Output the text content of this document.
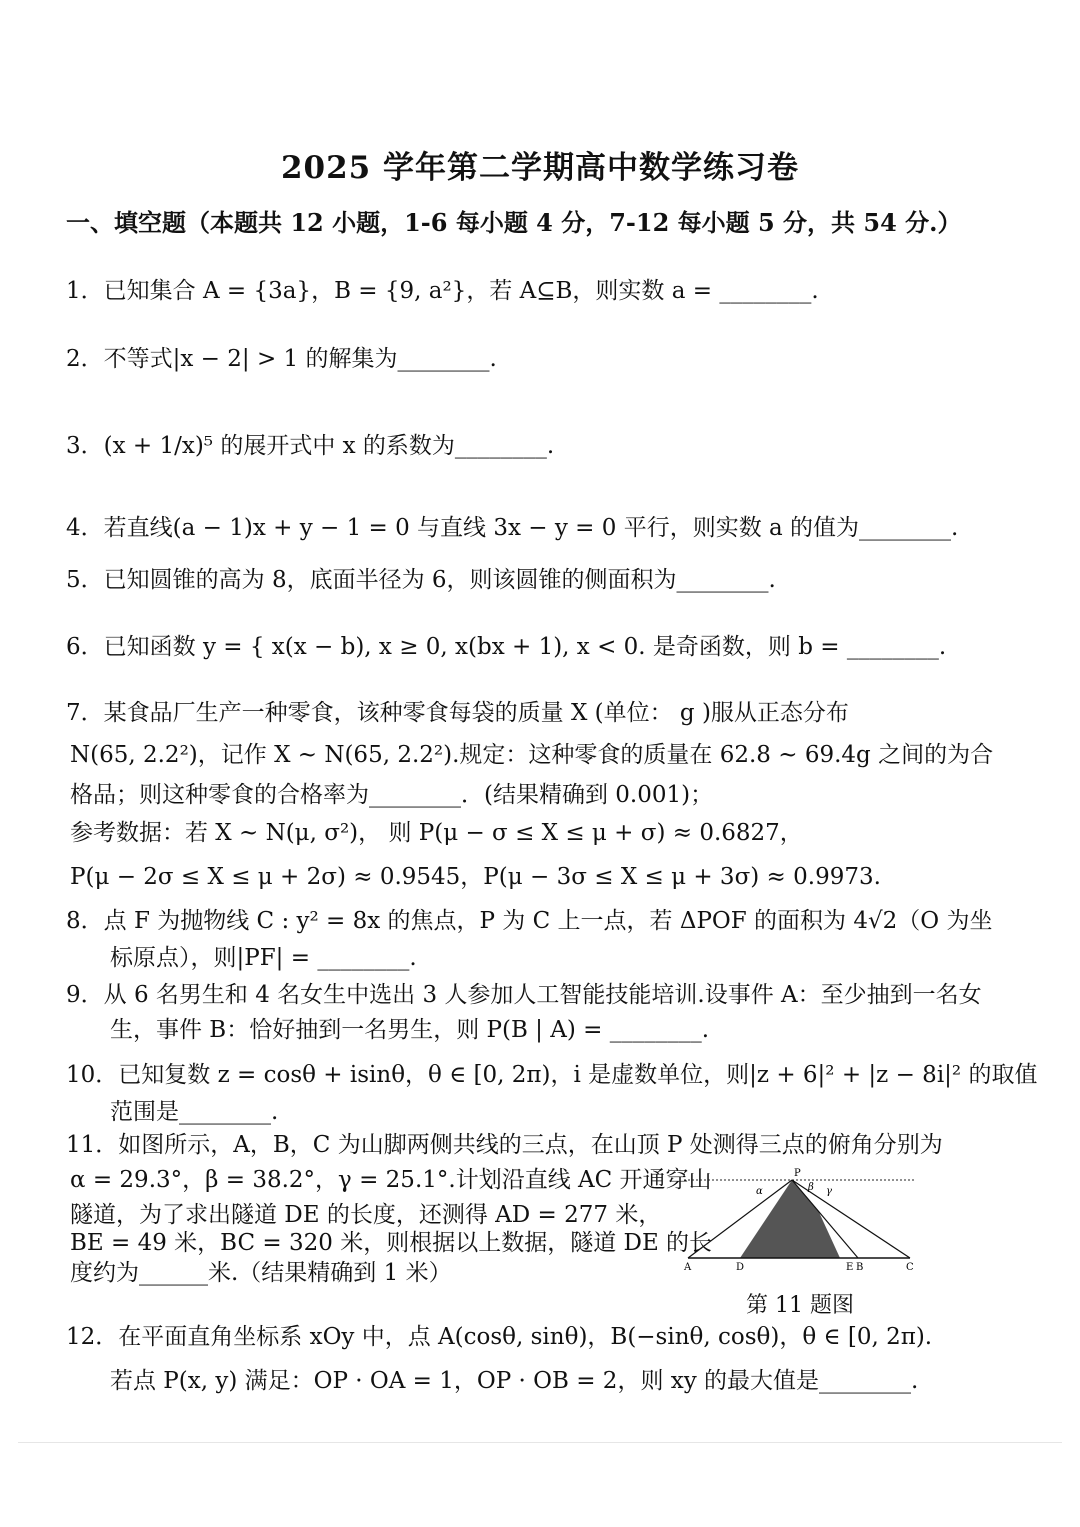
2025 学年第二学期高中数学练习卷
一、填空题（本题共 12 小题，1-6 每小题 4 分，7-12 每小题 5 分，共 54 分.）
1．已知集合 A = {3a}，B = {9, a²}，若 A⊆B，则实数 a = ________.
2．不等式|x − 2| > 1 的解集为________.
3．(x + 1/x)⁵ 的展开式中 x 的系数为________.
4．若直线(a − 1)x + y − 1 = 0 与直线 3x − y = 0 平行，则实数 a 的值为________.
5．已知圆锥的高为 8，底面半径为 6，则该圆锥的侧面积为________.
6．已知函数 y = { x(x − b), x ≥ 0, x(bx + 1), x < 0. 是奇函数，则 b = ________.
7．某食品厂生产一种零食，该种零食每袋的质量 X (单位： g )服从正态分布
N(65, 2.2²)，记作 X ~ N(65, 2.2²).规定：这种零食的质量在 62.8 ~ 69.4g 之间的为合
格品；则这种零食的合格率为________．(结果精确到 0.001)；
参考数据：若 X ~ N(μ, σ²)， 则 P(μ − σ ≤ X ≤ μ + σ) ≈ 0.6827，
P(μ − 2σ ≤ X ≤ μ + 2σ) ≈ 0.9545，P(μ − 3σ ≤ X ≤ μ + 3σ) ≈ 0.9973.
8．点 F 为抛物线 C : y² = 8x 的焦点，P 为 C 上一点，若 ΔPOF 的面积为 4√2（O 为坐
标原点），则|PF| = ________.
9．从 6 名男生和 4 名女生中选出 3 人参加人工智能技能培训.设事件 A：至少抽到一名女
生，事件 B：恰好抽到一名男生，则 P(B | A) = ________.
10．已知复数 z = cosθ + isinθ，θ ∈ [0, 2π)，i 是虚数单位，则|z + 6|² + |z − 8i|² 的取值
范围是________.
11．如图所示，A，B，C 为山脚两侧共线的三点，在山顶 P 处测得三点的俯角分别为
α = 29.3°，β = 38.2°，γ = 25.1°.计划沿直线 AC 开通穿山
隧道，为了求出隧道 DE 的长度，还测得 AD = 277 米，
BE = 49 米，BC = 320 米，则根据以上数据，隧道 DE 的长
度约为______米.（结果精确到 1 米）
P
α	β γ
A	D	E B	C
第 11 题图
12．在平面直角坐标系 xOy 中，点 A(cosθ, sinθ)，B(−sinθ, cosθ)，θ ∈ [0, 2π).
若点 P(x, y) 满足：OP · OA = 1，OP · OB = 2，则 xy 的最大值是________.
